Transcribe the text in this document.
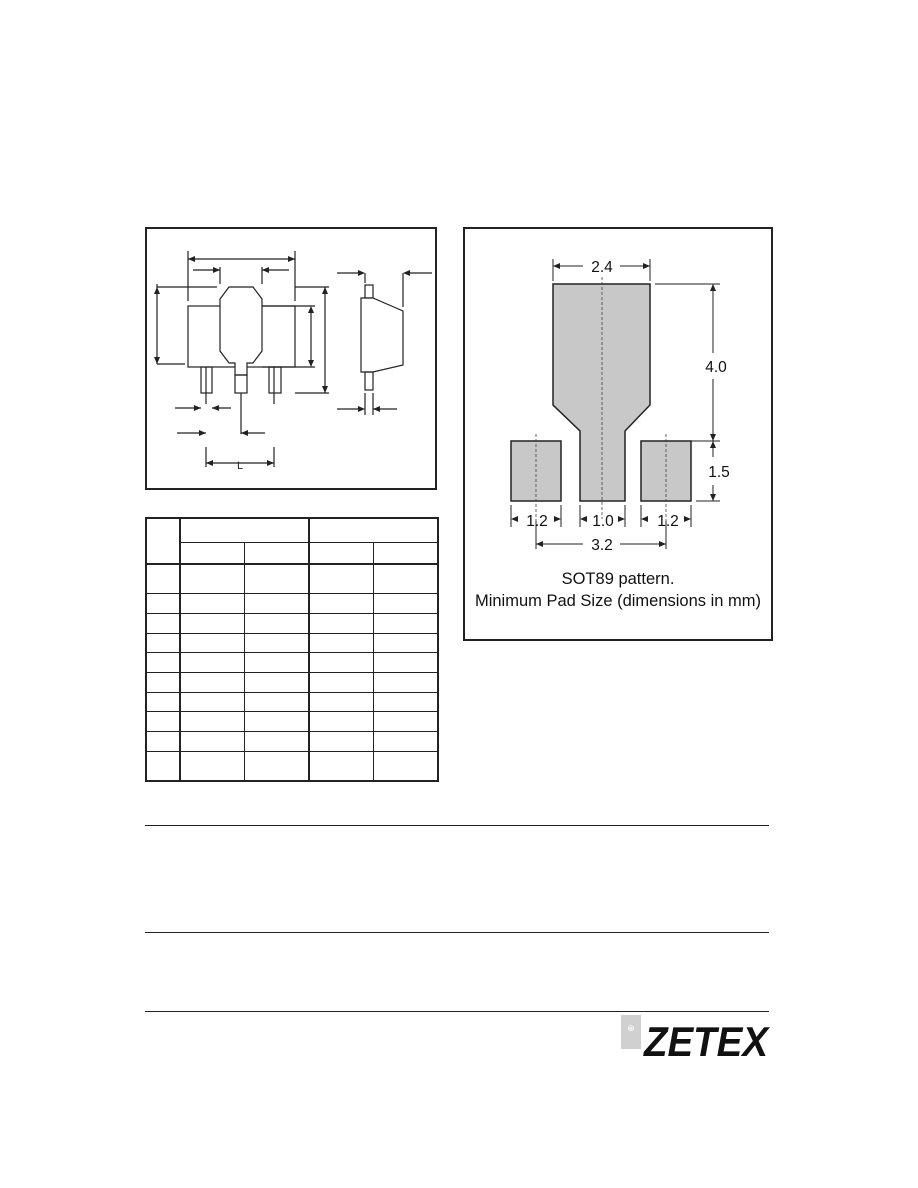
L

2.4
4.0
1.5
1.2	1.0	1.2
3.2
SOT89 pattern.
Minimum Pad Size (dimensions in mm)
⊕ ZETEX
